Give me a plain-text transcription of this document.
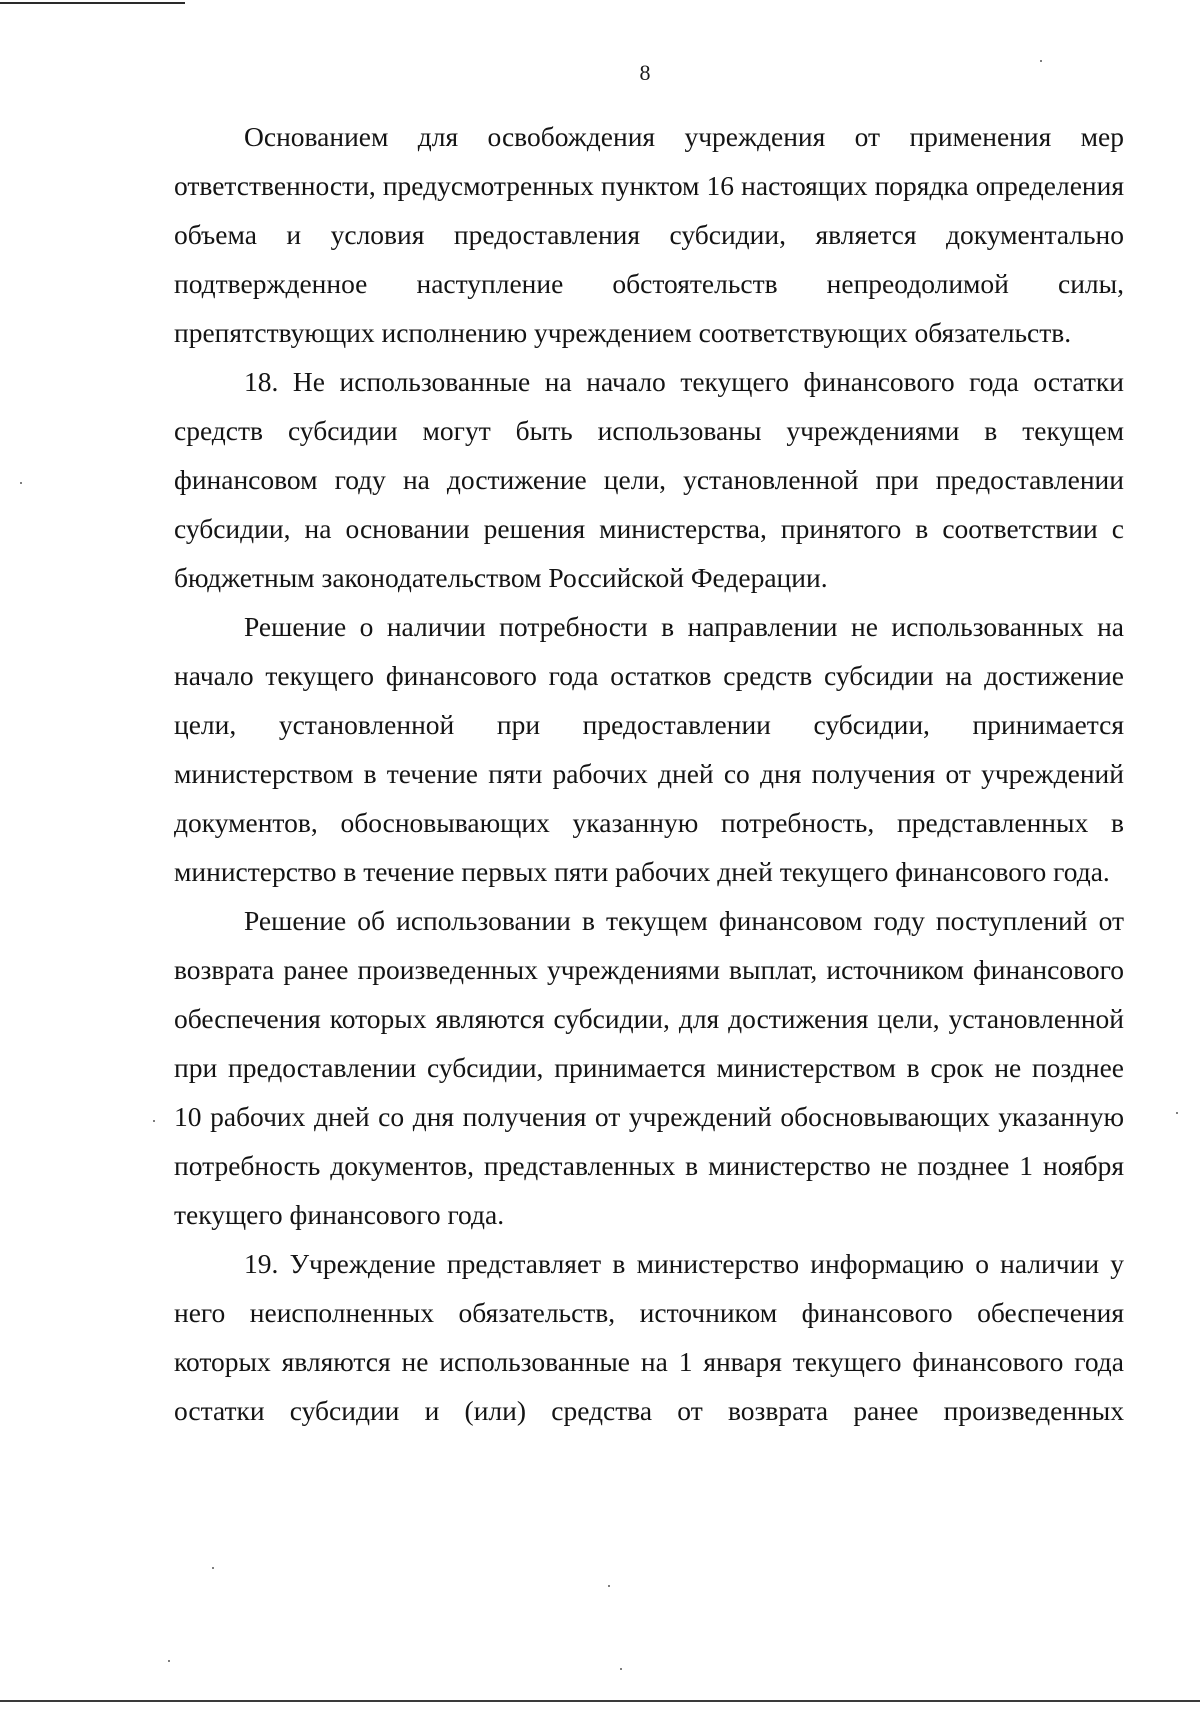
8

Основанием для освобождения учреждения от применения мер ответственности, предусмотренных пунктом 16 настоящих порядка определения объема и условия предоставления субсидии, является документально подтвержденное наступление обстоятельств непреодолимой силы, препятствующих исполнению учреждением соответствующих обязательств.

18. Не использованные на начало текущего финансового года остатки средств субсидии могут быть использованы учреждениями в текущем финансовом году на достижение цели, установленной при предоставлении субсидии, на основании решения министерства, принятого в соответствии с бюджетным законодательством Российской Федерации.

Решение о наличии потребности в направлении не использованных на начало текущего финансового года остатков средств субсидии на достижение цели, установленной при предоставлении субсидии, принимается министерством в течение пяти рабочих дней со дня получения от учреждений документов, обосновывающих указанную потребность, представленных в министерство в течение первых пяти рабочих дней текущего финансового года.

Решение об использовании в текущем финансовом году поступлений от возврата ранее произведенных учреждениями выплат, источником финансового обеспечения которых являются субсидии, для достижения цели, установленной при предоставлении субсидии, принимается министерством в срок не позднее 10 рабочих дней со дня получения от учреждений обосновывающих указанную потребность документов, представленных в министерство не позднее 1 ноября текущего финансового года.

19. Учреждение представляет в министерство информацию о наличии у него неисполненных обязательств, источником финансового обеспечения которых являются не использованные на 1 января текущего финансового года остатки субсидии и (или) средства от возврата ранее произведенных
